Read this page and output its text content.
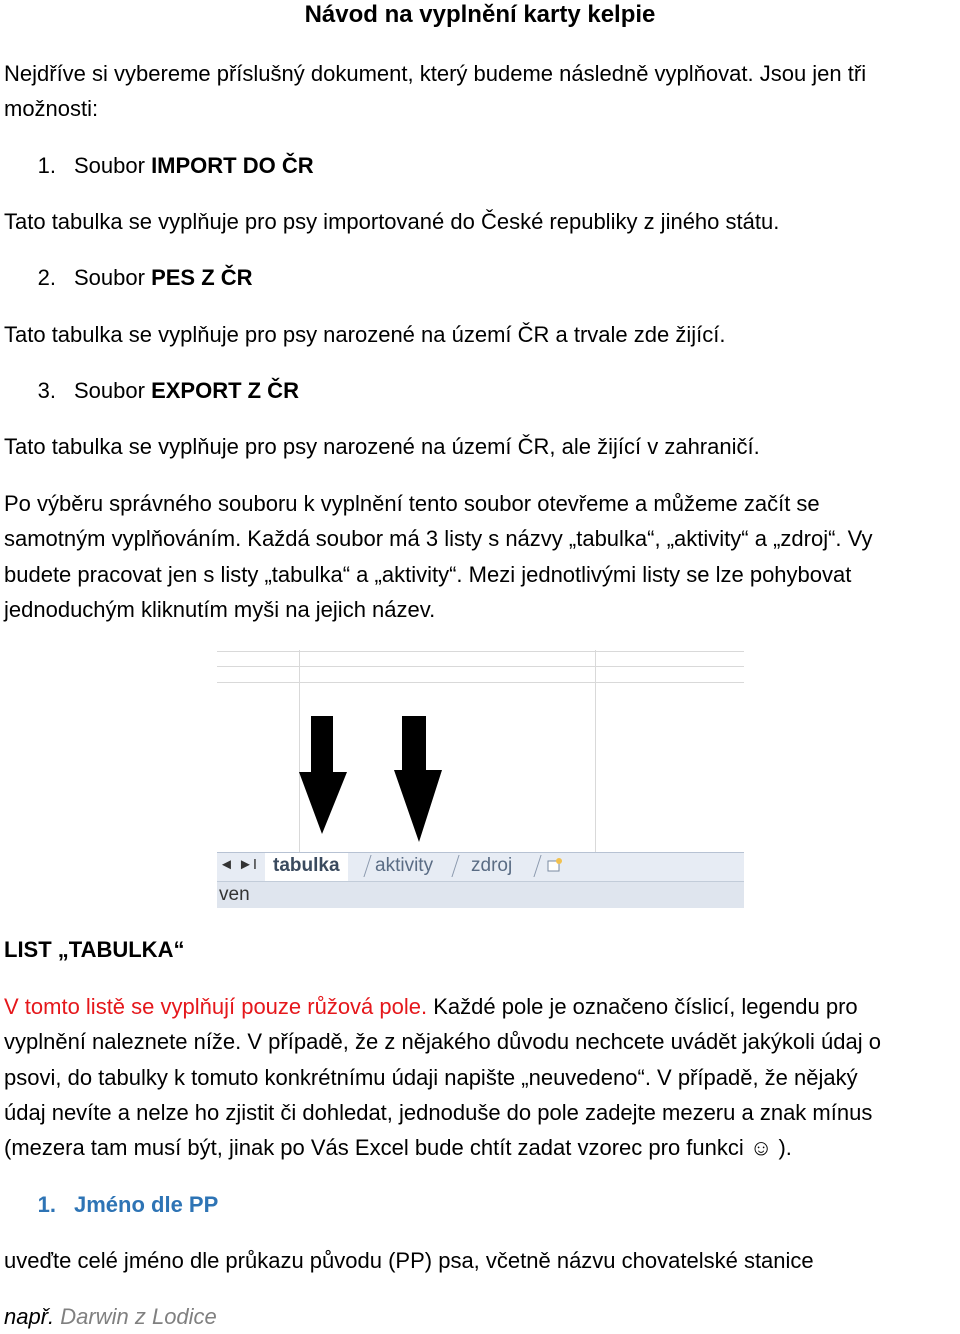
Návod na vyplnění karty kelpie
Nejdříve si vybereme příslušný dokument, který budeme následně vyplňovat. Jsou jen tři
možnosti:
1. Soubor IMPORT DO ČR
Tato tabulka se vyplňuje pro psy importované do České republiky z jiného státu.
2. Soubor PES Z ČR
Tato tabulka se vyplňuje pro psy narozené na území ČR a trvale zde žijící.
3. Soubor EXPORT Z ČR
Tato tabulka se vyplňuje pro psy narozené na území ČR, ale žijící v zahraničí.
Po výběru správného souboru k vyplnění tento soubor otevřeme a můžeme začít se
samotným vyplňováním. Každá soubor má 3 listy s názvy „tabulka“, „aktivity“ a „zdroj“. Vy
budete pracovat jen s listy „tabulka“ a „aktivity“. Mezi jednotlivými listy se lze pohybovat
jednoduchým kliknutím myši na jejich název.
◄ ►I tabulka	aktivity	zdroj
ven
LIST „TABULKA“
V tomto listě se vyplňují pouze růžová pole. Každé pole je označeno číslicí, legendu pro
vyplnění naleznete níže. V případě, že z nějakého důvodu nechcete uvádět jakýkoli údaj o
psovi, do tabulky k tomuto konkrétnímu údaji napište „neuvedeno“. V případě, že nějaký
údaj nevíte a nelze ho zjistit či dohledat, jednoduše do pole zadejte mezeru a znak mínus
(mezera tam musí být, jinak po Vás Excel bude chtít zadat vzorec pro funkci ☺ ).
1. Jméno dle PP
uveďte celé jméno dle průkazu původu (PP) psa, včetně názvu chovatelské stanice
např. Darwin z Lodice
